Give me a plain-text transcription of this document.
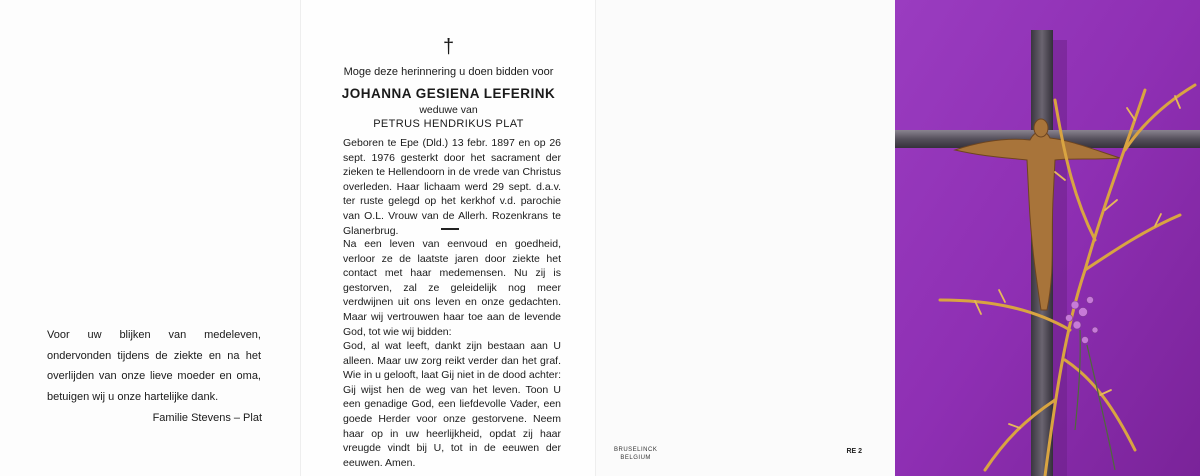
Voor uw blijken van medeleven, ondervonden tijdens de ziekte en na het overlijden van onze lieve moeder en oma, betuigen wij u onze hartelijke dank.
Familie Stevens – Plat
†
Moge deze herinnering u doen bidden voor
JOHANNA GESIENA LEFERINK
weduwe van
PETRUS HENDRIKUS PLAT
Geboren te Epe (Dld.) 13 febr. 1897 en op 26 sept. 1976 gesterkt door het sacrament der zieken te Hellendoorn in de vrede van Christus overleden. Haar lichaam werd 29 sept. d.a.v. ter ruste gelegd op het kerkhof v.d. parochie van O.L. Vrouw van de Allerh. Rozenkrans te Glanerbrug.
Na een leven van eenvoud en goedheid, verloor ze de laatste jaren door ziekte het contact met haar medemensen. Nu zij is gestorven, zal ze geleidelijk nog meer verdwijnen uit ons leven en onze gedachten. Maar wij vertrouwen haar toe aan de levende God, tot wie wij bidden:
God, al wat leeft, dankt zijn bestaan aan U alleen. Maar uw zorg reikt verder dan het graf. Wie in u gelooft, laat Gij niet in de dood achter: Gij wijst hen de weg van het leven. Toon U een genadige God, een liefdevolle Vader, een goede Herder voor onze gestorvene. Neem haar op in uw heerlijkheid, opdat zij haar vreugde vindt bij U, tot in de eeuwen der eeuwen. Amen.
BRUSELINCK
BELGIUM
RE 2
